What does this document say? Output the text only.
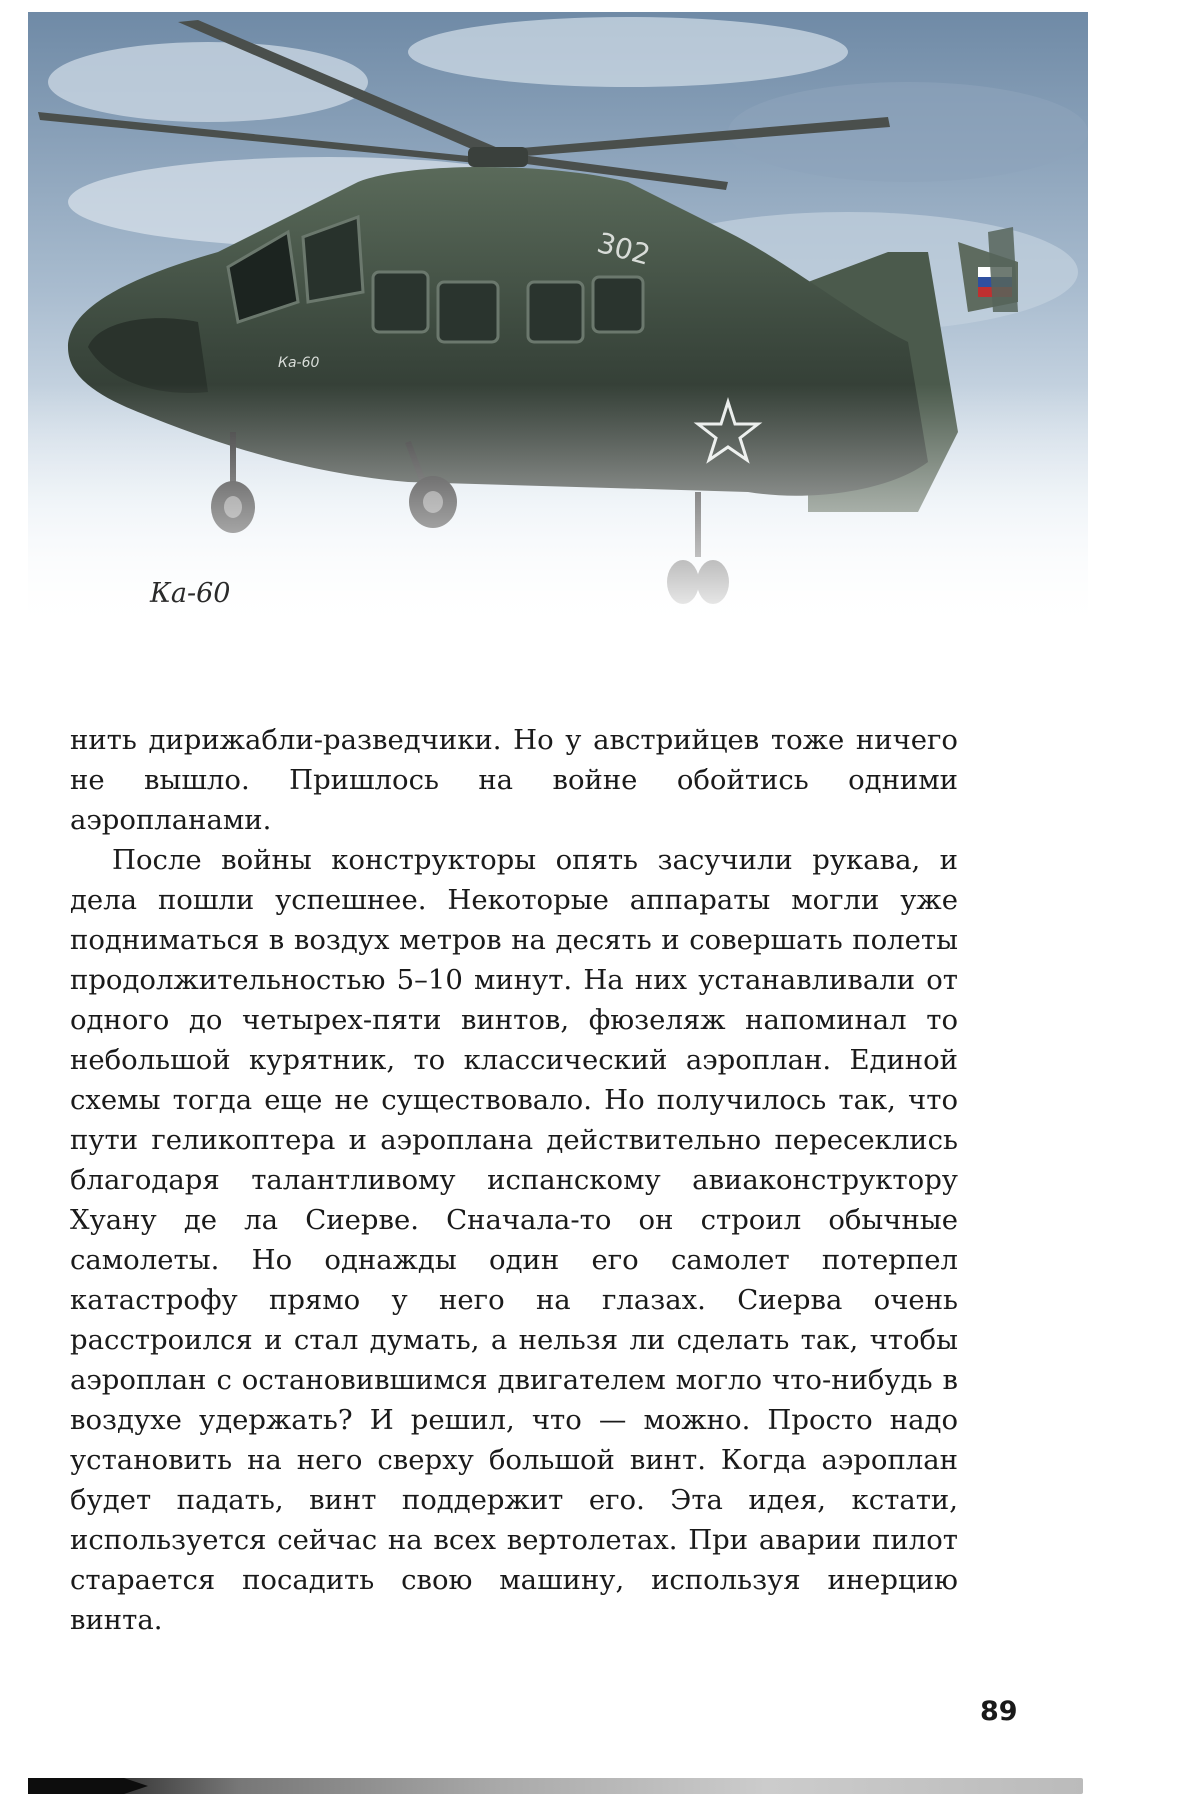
Ка-60

нить дирижабли-разведчики. Но у австрийцев тоже ничего не вышло. Пришлось на войне обойтись одними аэропланами.

После войны конструкторы опять засучили рукава, и дела пошли успешнее. Некоторые аппараты могли уже подниматься в воздух метров на десять и совершать полеты продолжительностью 5–10 минут. На них устанавливали от одного до четырех-пяти винтов, фюзеляж напоминал то небольшой курятник, то классический аэроплан. Единой схемы тогда еще не существовало. Но получилось так, что пути геликоптера и аэроплана действительно пересеклись благодаря талантливому испанскому авиаконструктору Хуану де ла Сиерве. Сначала-то он строил обычные самолеты. Но однажды один его самолет потерпел катастрофу прямо у него на глазах. Сиерва очень расстроился и стал думать, а нельзя ли сделать так, чтобы аэроплан с остановившимся двигателем могло что-нибудь в воздухе удержать? И решил, что — можно. Просто надо установить на него сверху большой винт. Когда аэроплан будет падать, винт поддержит его. Эта идея, кстати, используется сейчас на всех вертолетах. При аварии пилот старается посадить свою машину, используя инерцию винта.

89
